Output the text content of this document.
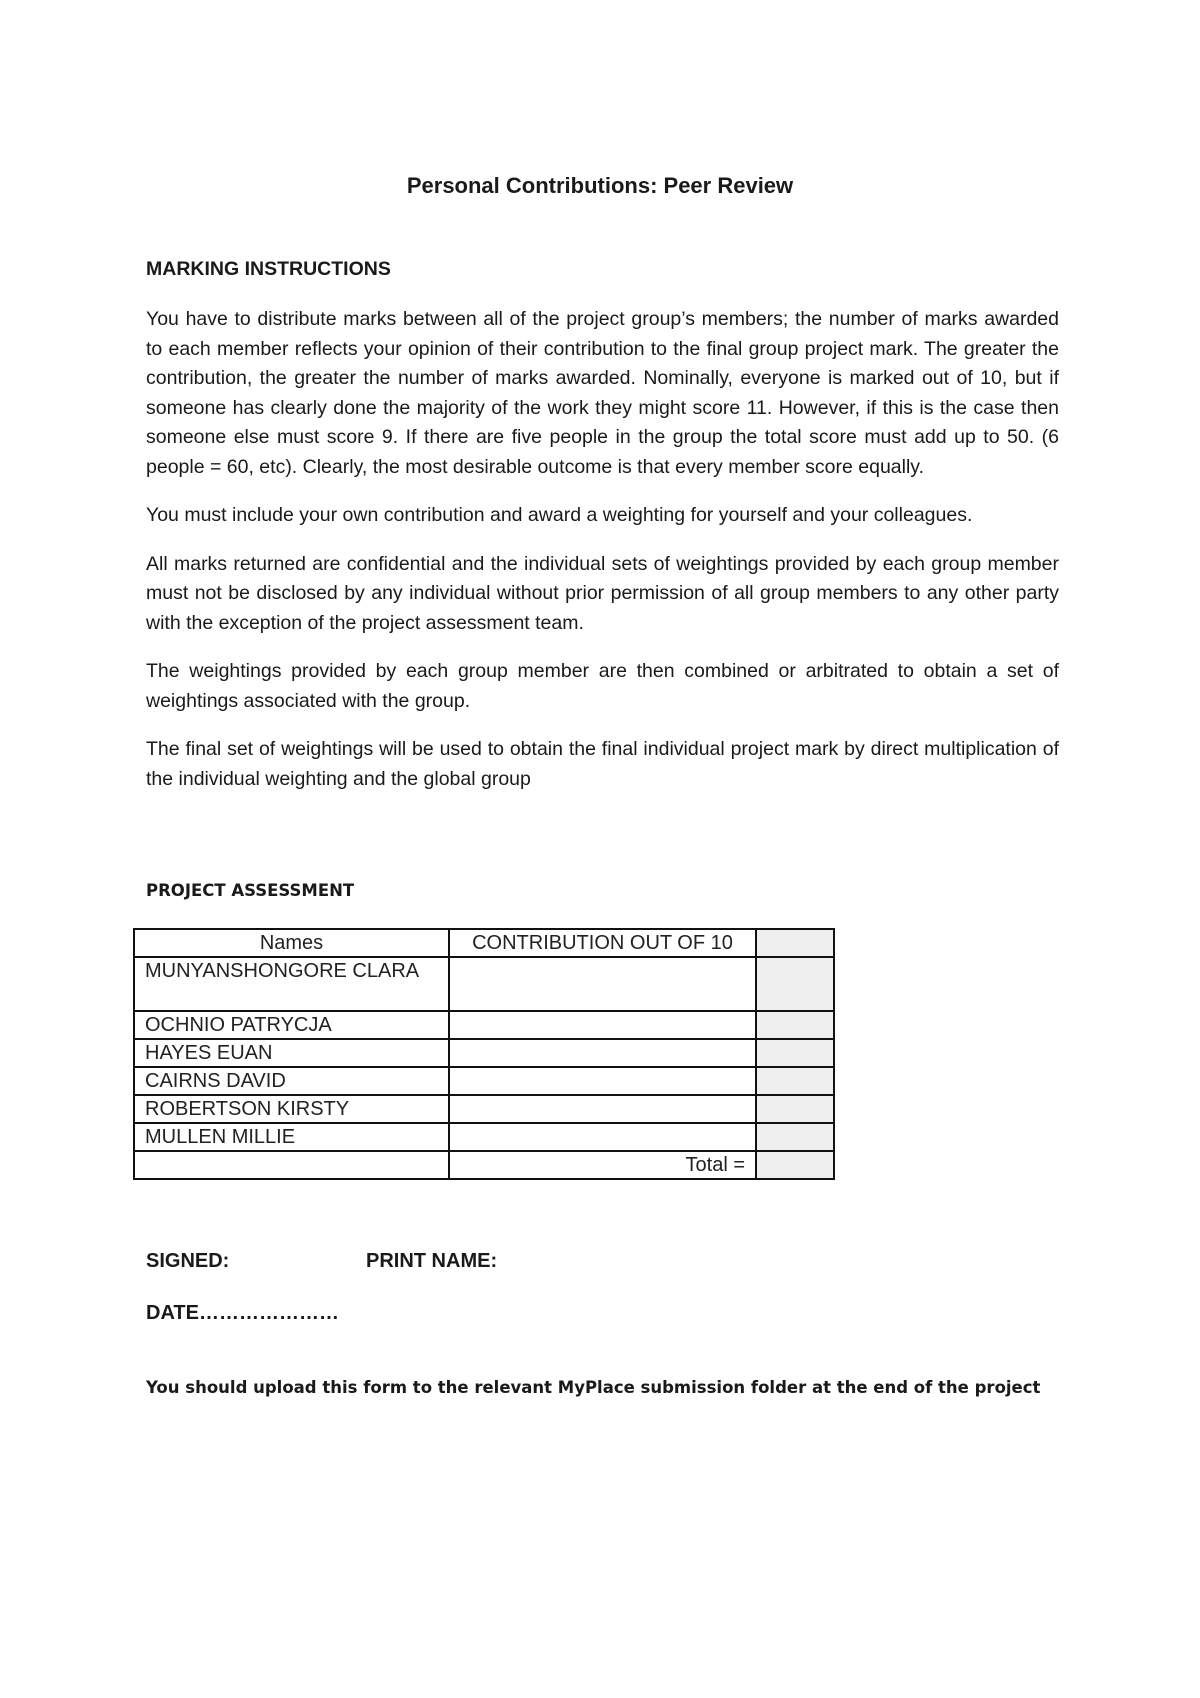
Personal Contributions: Peer Review
MARKING INSTRUCTIONS

You have to distribute marks between all of the project group’s members; the number of marks awarded to each member reflects your opinion of their contribution to the final group project mark. The greater the contribution, the greater the number of marks awarded. Nominally, everyone is marked out of 10, but if someone has clearly done the majority of the work they might score 11. However, if this is the case then someone else must score 9. If there are five people in the group the total score must add up to 50. (6 people = 60, etc). Clearly, the most desirable outcome is that every member score equally.

You must include your own contribution and award a weighting for yourself and your colleagues.

All marks returned are confidential and the individual sets of weightings provided by each group member must not be disclosed by any individual without prior permission of all group members to any other party with the exception of the project assessment team.

The weightings provided by each group member are then combined or arbitrated to obtain a set of weightings associated with the group.

The final set of weightings will be used to obtain the final individual project mark by direct multiplication of the individual weighting and the global group

PROJECT ASSESSMENT
Names	CONTRIBUTION OUT OF 10	
MUNYANSHONGORE CLARA		
OCHNIO PATRYCJA		
HAYES EUAN		
CAIRNS DAVID		
ROBERTSON KIRSTY		
MULLEN MILLIE		
	Total =	
SIGNED:	PRINT NAME:
DATE…………………
You should upload this form to the relevant MyPlace submission folder at the end of the project
